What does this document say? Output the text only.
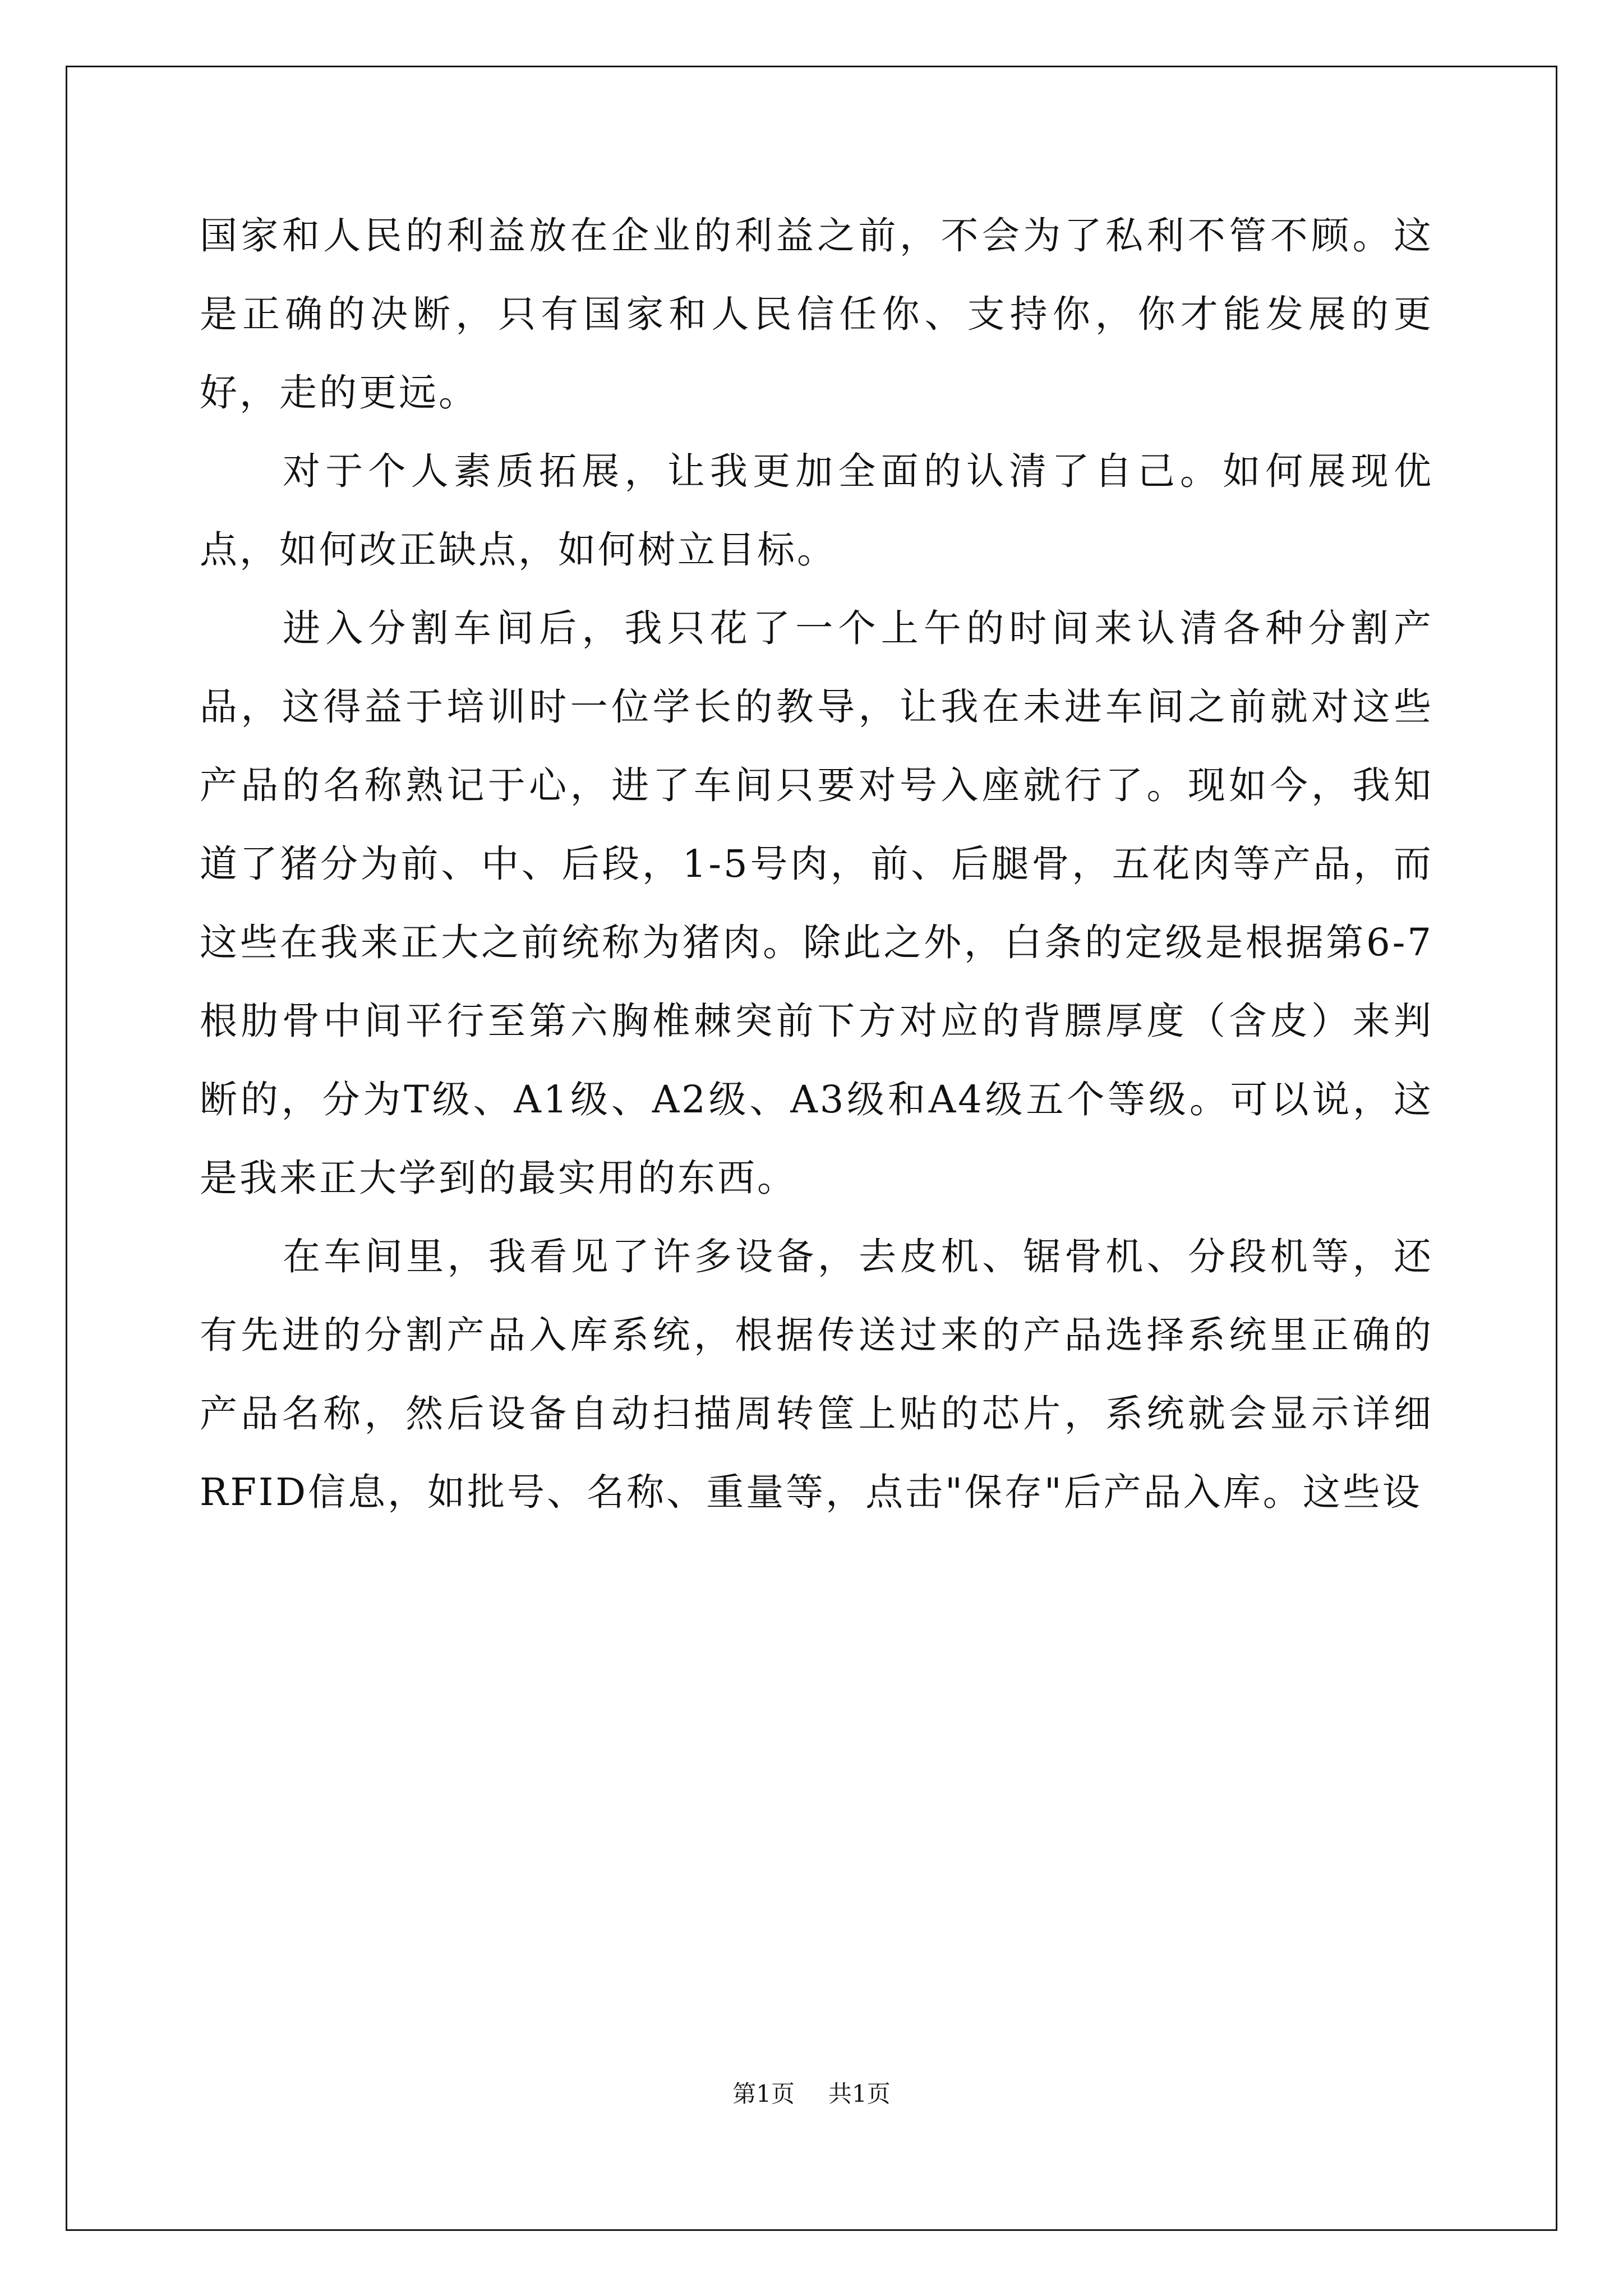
国家和人民的利益放在企业的利益之前，不会为了私利不管不顾。这是正确的决断，只有国家和人民信任你、支持你，你才能发展的更好，走的更远。

对于个人素质拓展，让我更加全面的认清了自己。如何展现优点，如何改正缺点，如何树立目标。

进入分割车间后，我只花了一个上午的时间来认清各种分割产品，这得益于培训时一位学长的教导，让我在未进车间之前就对这些产品的名称熟记于心，进了车间只要对号入座就行了。现如今，我知道了猪分为前、中、后段，1-5号肉，前、后腿骨，五花肉等产品，而这些在我来正大之前统称为猪肉。除此之外，白条的定级是根据第6-7根肋骨中间平行至第六胸椎棘突前下方对应的背膘厚度（含皮）来判断的，分为T级、A1级、A2级、A3级和A4级五个等级。可以说，这是我来正大学到的最实用的东西。

在车间里，我看见了许多设备，去皮机、锯骨机、分段机等，还有先进的分割产品入库系统，根据传送过来的产品选择系统里正确的产品名称，然后设备自动扫描周转筐上贴的芯片，系统就会显示详细RFID信息，如批号、名称、重量等，点击"保存"后产品入库。这些设

第1页 共1页
